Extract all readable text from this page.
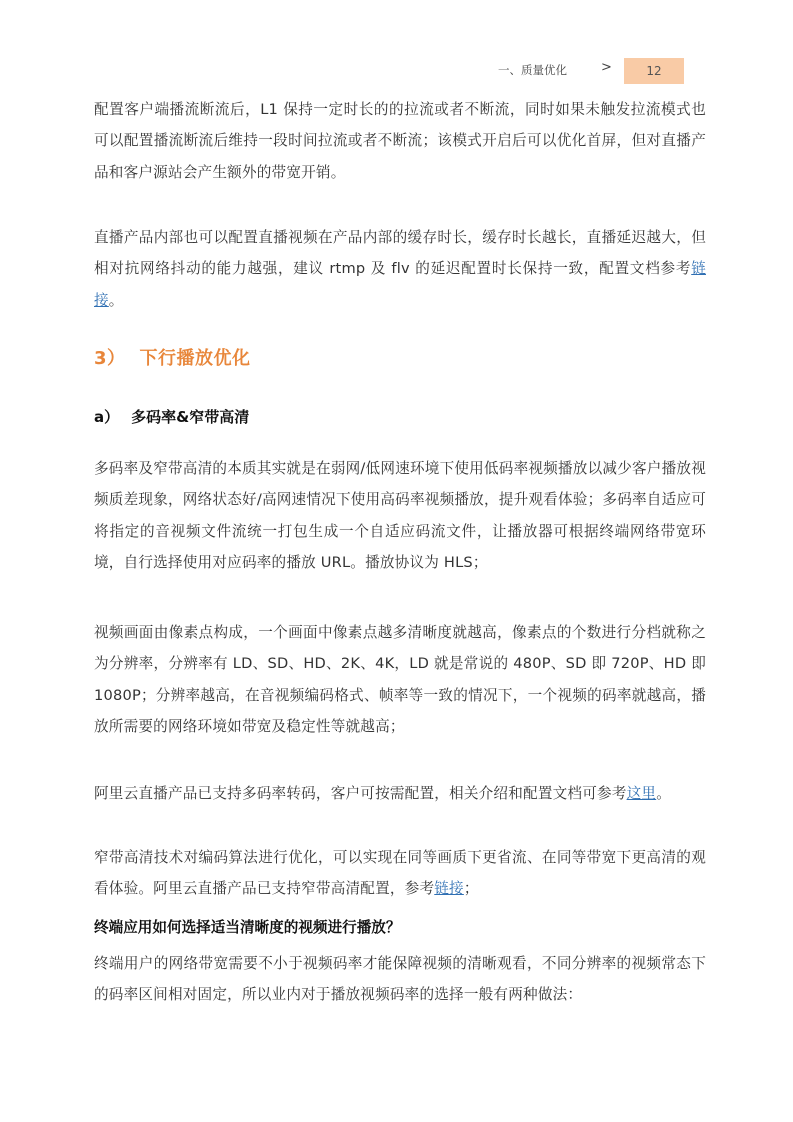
一、质量优化	>	12
配置客户端播流断流后，L1 保持一定时长的的拉流或者不断流，同时如果未触发拉流模式也可以配置播流断流后维持一段时间拉流或者不断流；该模式开启后可以优化首屏，但对直播产品和客户源站会产生额外的带宽开销。
直播产品内部也可以配置直播视频在产品内部的缓存时长，缓存时长越长，直播延迟越大，但相对抗网络抖动的能力越强，建议 rtmp 及 flv 的延迟配置时长保持一致，配置文档参考链接。
3） 下行播放优化
a） 多码率&窄带高清
多码率及窄带高清的本质其实就是在弱网/低网速环境下使用低码率视频播放以减少客户播放视频质差现象，网络状态好/高网速情况下使用高码率视频播放，提升观看体验；多码率自适应可将指定的音视频文件流统一打包生成一个自适应码流文件，让播放器可根据终端网络带宽环境，自行选择使用对应码率的播放 URL。播放协议为 HLS；
视频画面由像素点构成，一个画面中像素点越多清晰度就越高，像素点的个数进行分档就称之为分辨率，分辨率有 LD、SD、HD、2K、4K，LD 就是常说的 480P、SD 即 720P、HD 即 1080P；分辨率越高，在音视频编码格式、帧率等一致的情况下，一个视频的码率就越高，播放所需要的网络环境如带宽及稳定性等就越高；
阿里云直播产品已支持多码率转码，客户可按需配置，相关介绍和配置文档可参考这里。
窄带高清技术对编码算法进行优化，可以实现在同等画质下更省流、在同等带宽下更高清的观看体验。阿里云直播产品已支持窄带高清配置，参考链接；
终端应用如何选择适当清晰度的视频进行播放？
终端用户的网络带宽需要不小于视频码率才能保障视频的清晰观看，不同分辨率的视频常态下的码率区间相对固定，所以业内对于播放视频码率的选择一般有两种做法：
